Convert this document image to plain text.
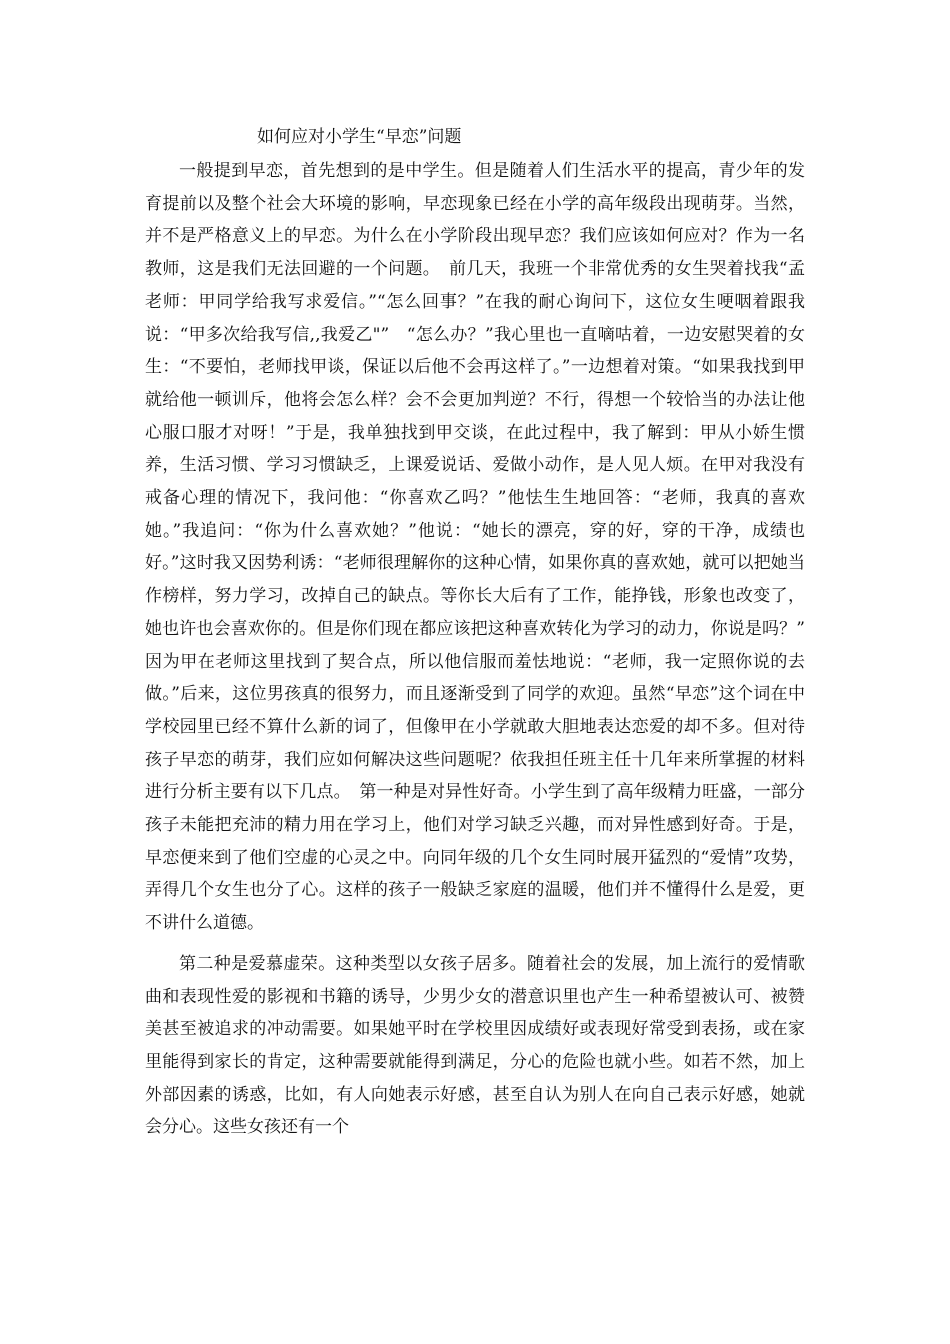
如何应对小学生“早恋”问题

一般提到早恋，首先想到的是中学生。但是随着人们生活水平的提高，青少年的发育提前以及整个社会大环境的影响，早恋现象已经在小学的高年级段出现萌芽。当然，并不是严格意义上的早恋。为什么在小学阶段出现早恋？我们应该如何应对？作为一名教师，这是我们无法回避的一个问题。　前几天，我班一个非常优秀的女生哭着找我“孟老师：甲同学给我写求爱信。”“怎么回事？”在我的耐心询问下，这位女生哽咽着跟我说：“甲多次给我写信,,我爱乙"”　“怎么办？”我心里也一直嘀咕着，一边安慰哭着的女生：“不要怕，老师找甲谈，保证以后他不会再这样了。”一边想着对策。“如果我找到甲就给他一顿训斥，他将会怎么样？会不会更加判逆？不行，得想一个较恰当的办法让他心服口服才对呀！”于是，我单独找到甲交谈，在此过程中，我了解到：甲从小娇生惯养，生活习惯、学习习惯缺乏，上课爱说话、爱做小动作，是人见人烦。在甲对我没有戒备心理的情况下，我问他：“你喜欢乙吗？”他怯生生地回答：“老师，我真的喜欢她。”我追问：“你为什么喜欢她？”他说：“她长的漂亮，穿的好，穿的干净，成绩也好。”这时我又因势利诱：“老师很理解你的这种心情，如果你真的喜欢她，就可以把她当作榜样，努力学习，改掉自己的缺点。等你长大后有了工作，能挣钱，形象也改变了，她也许也会喜欢你的。但是你们现在都应该把这种喜欢转化为学习的动力，你说是吗？”　因为甲在老师这里找到了契合点，所以他信服而羞怯地说：“老师，我一定照你说的去做。”后来，这位男孩真的很努力，而且逐渐受到了同学的欢迎。虽然“早恋”这个词在中学校园里已经不算什么新的词了，但像甲在小学就敢大胆地表达恋爱的却不多。但对待孩子早恋的萌芽，我们应如何解决这些问题呢？依我担任班主任十几年来所掌握的材料进行分析主要有以下几点。　第一种是对异性好奇。小学生到了高年级精力旺盛，一部分孩子未能把充沛的精力用在学习上，他们对学习缺乏兴趣，而对异性感到好奇。于是，早恋便来到了他们空虚的心灵之中。向同年级的几个女生同时展开猛烈的“爱情”攻势，弄得几个女生也分了心。这样的孩子一般缺乏家庭的温暖，他们并不懂得什么是爱，更不讲什么道德。

第二种是爱慕虚荣。这种类型以女孩子居多。随着社会的发展，加上流行的爱情歌曲和表现性爱的影视和书籍的诱导，少男少女的潜意识里也产生一种希望被认可、被赞美甚至被追求的冲动需要。如果她平时在学校里因成绩好或表现好常受到表扬，或在家里能得到家长的肯定，这种需要就能得到满足，分心的危险也就小些。如若不然，加上外部因素的诱惑，比如，有人向她表示好感，甚至自认为别人在向自己表示好感，她就会分心。这些女孩还有一个
